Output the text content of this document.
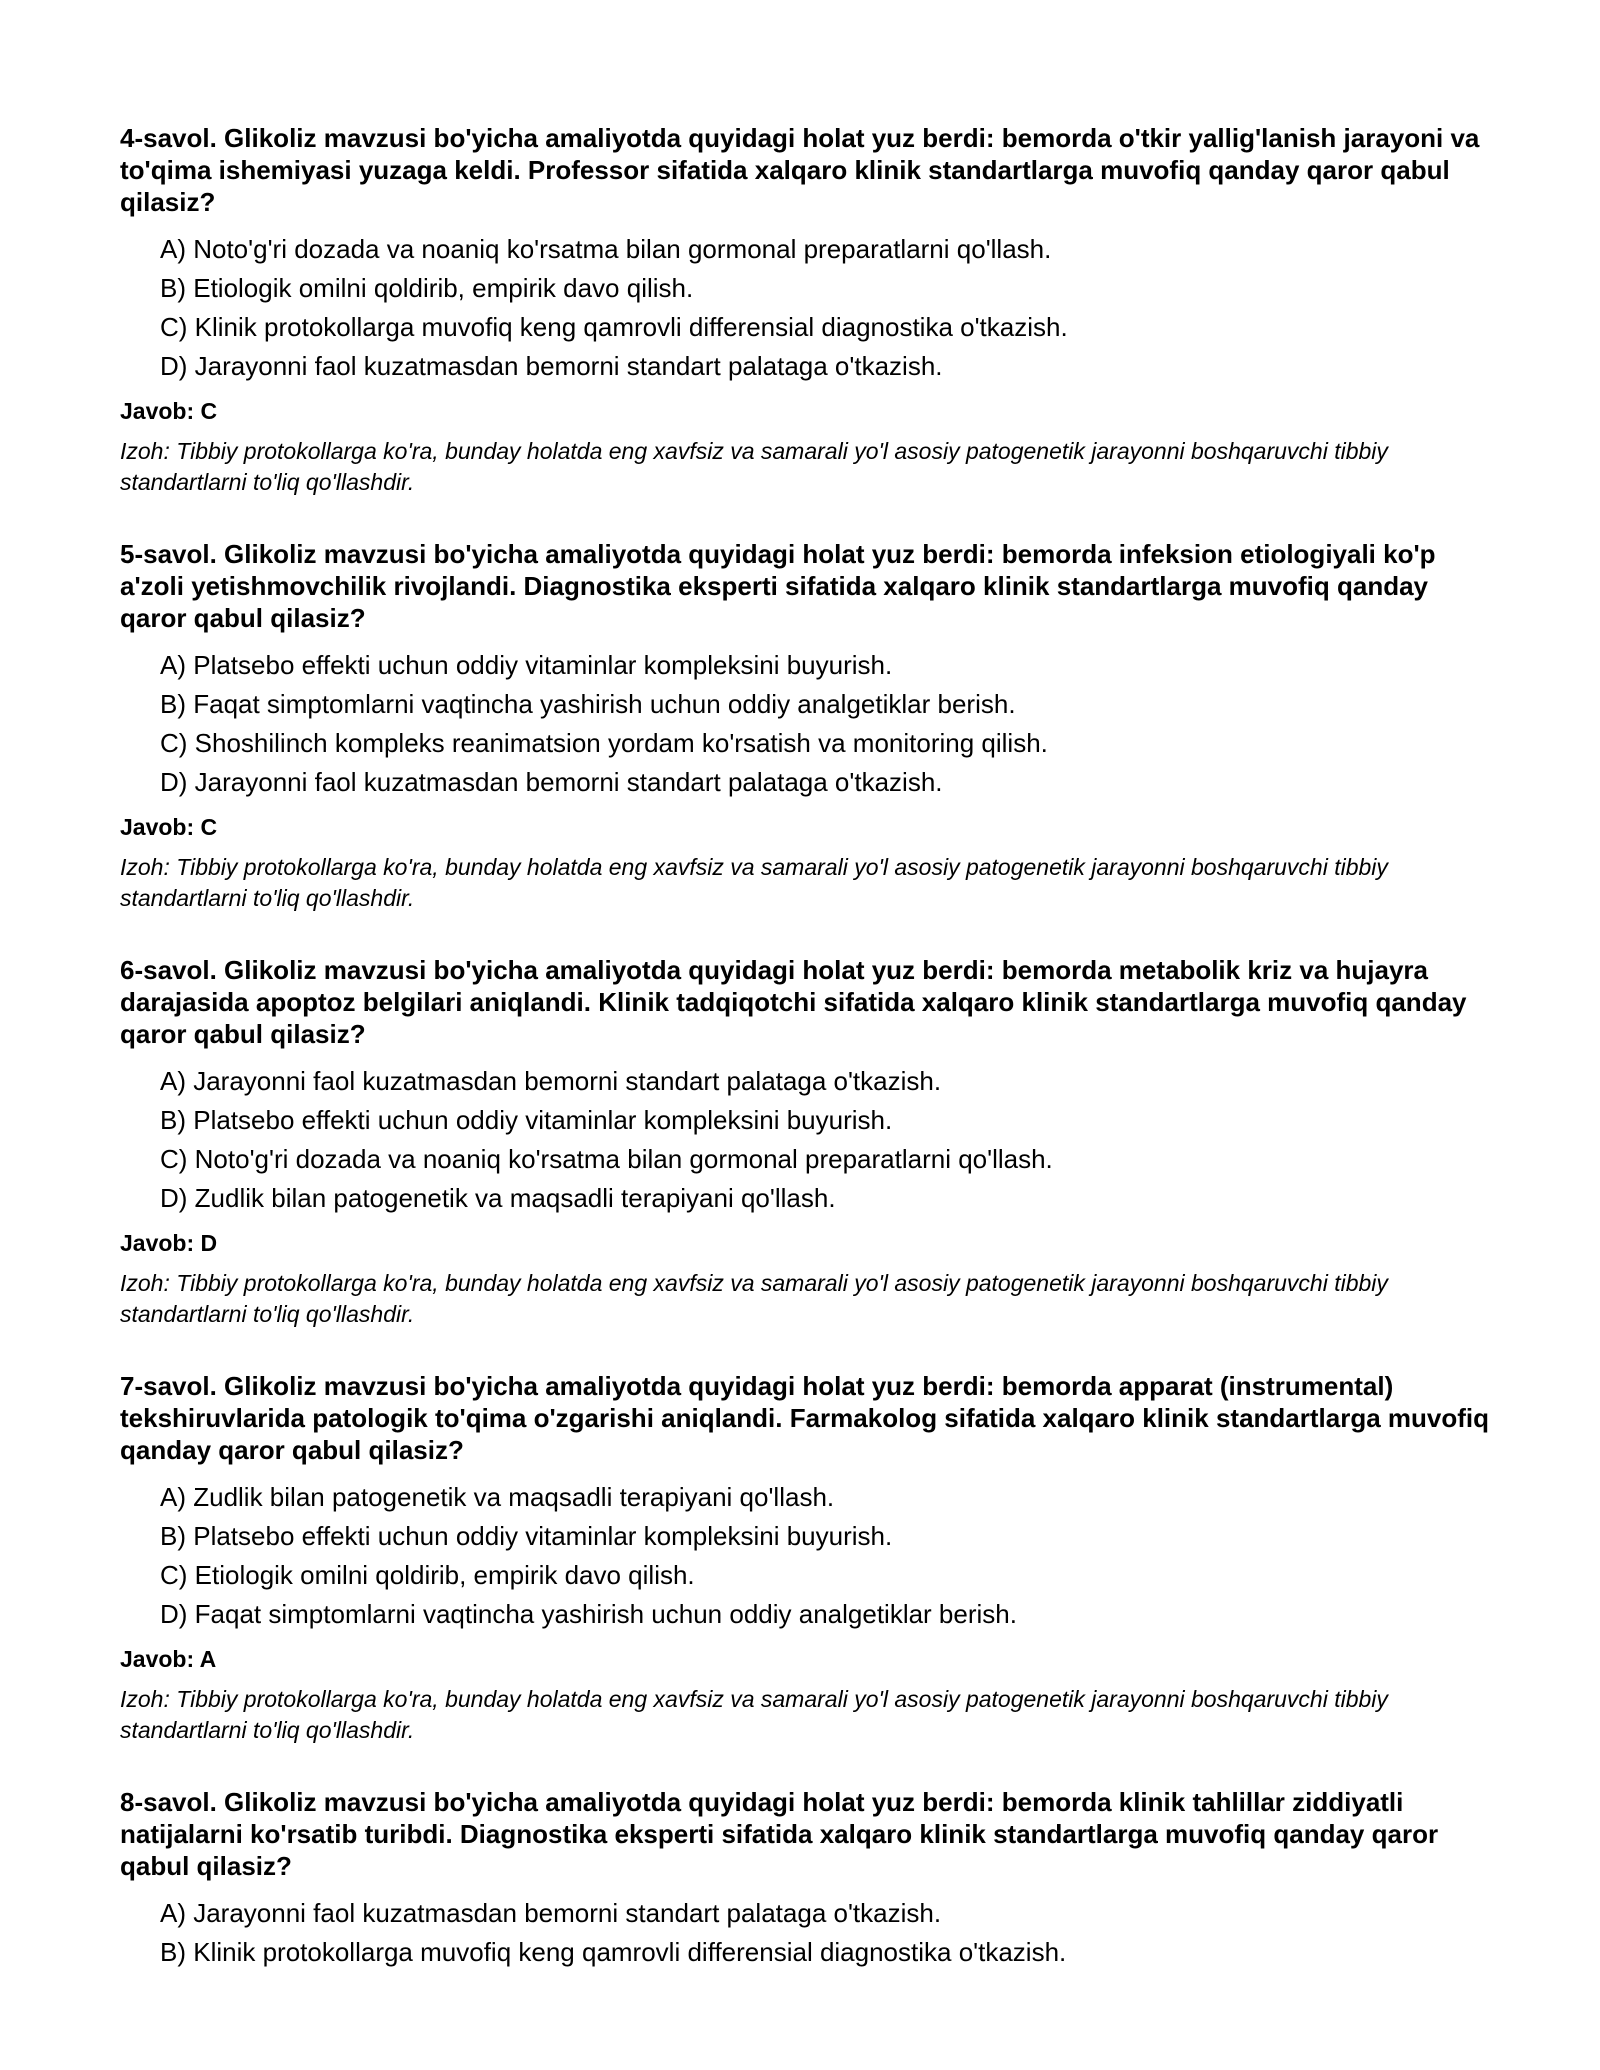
4-savol. Glikoliz mavzusi bo'yicha amaliyotda quyidagi holat yuz berdi: bemorda o'tkir yallig'lanish jarayoni va to'qima ishemiyasi yuzaga keldi. Professor sifatida xalqaro klinik standartlarga muvofiq qanday qaror qabul qilasiz?

A) Noto'g'ri dozada va noaniq ko'rsatma bilan gormonal preparatlarni qo'llash.
B) Etiologik omilni qoldirib, empirik davo qilish.
C) Klinik protokollarga muvofiq keng qamrovli differensial diagnostika o'tkazish.
D) Jarayonni faol kuzatmasdan bemorni standart palataga o'tkazish.

Javob: C

Izoh: Tibbiy protokollarga ko'ra, bunday holatda eng xavfsiz va samarali yo'l asosiy patogenetik jarayonni boshqaruvchi tibbiy standartlarni to'liq qo'llashdir.

5-savol. Glikoliz mavzusi bo'yicha amaliyotda quyidagi holat yuz berdi: bemorda infeksion etiologiyali ko'p a'zoli yetishmovchilik rivojlandi. Diagnostika eksperti sifatida xalqaro klinik standartlarga muvofiq qanday qaror qabul qilasiz?

A) Platsebo effekti uchun oddiy vitaminlar kompleksini buyurish.
B) Faqat simptomlarni vaqtincha yashirish uchun oddiy analgetiklar berish.
C) Shoshilinch kompleks reanimatsion yordam ko'rsatish va monitoring qilish.
D) Jarayonni faol kuzatmasdan bemorni standart palataga o'tkazish.

Javob: C

Izoh: Tibbiy protokollarga ko'ra, bunday holatda eng xavfsiz va samarali yo'l asosiy patogenetik jarayonni boshqaruvchi tibbiy standartlarni to'liq qo'llashdir.

6-savol. Glikoliz mavzusi bo'yicha amaliyotda quyidagi holat yuz berdi: bemorda metabolik kriz va hujayra darajasida apoptoz belgilari aniqlandi. Klinik tadqiqotchi sifatida xalqaro klinik standartlarga muvofiq qanday qaror qabul qilasiz?

A) Jarayonni faol kuzatmasdan bemorni standart palataga o'tkazish.
B) Platsebo effekti uchun oddiy vitaminlar kompleksini buyurish.
C) Noto'g'ri dozada va noaniq ko'rsatma bilan gormonal preparatlarni qo'llash.
D) Zudlik bilan patogenetik va maqsadli terapiyani qo'llash.

Javob: D

Izoh: Tibbiy protokollarga ko'ra, bunday holatda eng xavfsiz va samarali yo'l asosiy patogenetik jarayonni boshqaruvchi tibbiy standartlarni to'liq qo'llashdir.

7-savol. Glikoliz mavzusi bo'yicha amaliyotda quyidagi holat yuz berdi: bemorda apparat (instrumental) tekshiruvlarida patologik to'qima o'zgarishi aniqlandi. Farmakolog sifatida xalqaro klinik standartlarga muvofiq qanday qaror qabul qilasiz?

A) Zudlik bilan patogenetik va maqsadli terapiyani qo'llash.
B) Platsebo effekti uchun oddiy vitaminlar kompleksini buyurish.
C) Etiologik omilni qoldirib, empirik davo qilish.
D) Faqat simptomlarni vaqtincha yashirish uchun oddiy analgetiklar berish.

Javob: A

Izoh: Tibbiy protokollarga ko'ra, bunday holatda eng xavfsiz va samarali yo'l asosiy patogenetik jarayonni boshqaruvchi tibbiy standartlarni to'liq qo'llashdir.

8-savol. Glikoliz mavzusi bo'yicha amaliyotda quyidagi holat yuz berdi: bemorda klinik tahlillar ziddiyatli natijalarni ko'rsatib turibdi. Diagnostika eksperti sifatida xalqaro klinik standartlarga muvofiq qanday qaror qabul qilasiz?

A) Jarayonni faol kuzatmasdan bemorni standart palataga o'tkazish.
B) Klinik protokollarga muvofiq keng qamrovli differensial diagnostika o'tkazish.
